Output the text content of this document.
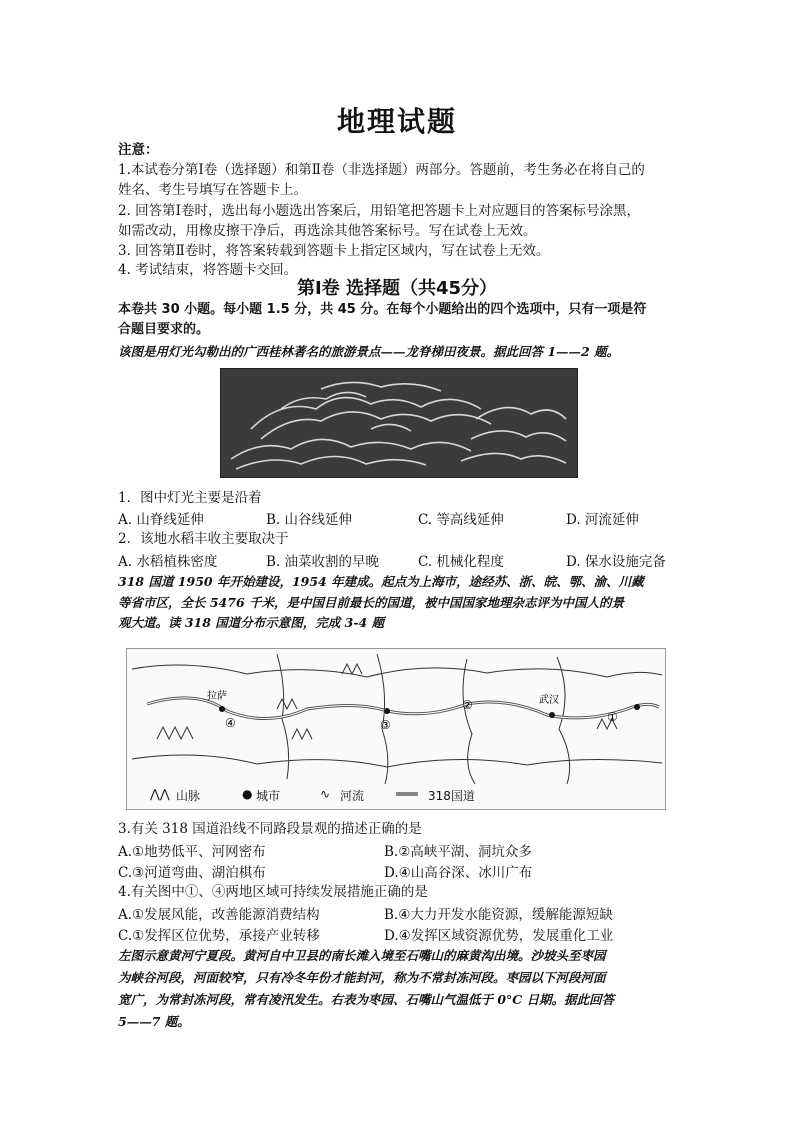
地理试题
注意：
1.本试卷分第Ⅰ卷（选择题）和第Ⅱ卷（非选择题）两部分。答题前，考生务必在将自己的
姓名、考生号填写在答题卡上。
2. 回答第Ⅰ卷时，选出每小题选出答案后，用铅笔把答题卡上对应题目的答案标号涂黑，
如需改动，用橡皮擦干净后，再选涂其他答案标号。写在试卷上无效。
3. 回答第Ⅱ卷时，将答案转载到答题卡上指定区域内，写在试卷上无效。
4. 考试结束，将答题卡交回。
第Ⅰ卷 选择题（共45分）
本卷共 30 小题。每小题 1.5 分，共 45 分。在每个小题给出的四个选项中，只有一项是符
合题目要求的。
该图是用灯光勾勒出的广西桂林著名的旅游景点——龙脊梯田夜景。据此回答 1——2 题。
1．图中灯光主要是沿着
A. 山脊线延伸	B. 山谷线延伸	C. 等高线延伸	D. 河流延伸
2．该地水稻丰收主要取决于
A. 水稻植株密度	B. 油菜收割的早晚	C. 机械化程度	D. 保水设施完备
318 国道 1950 年开始建设，1954 年建成。起点为上海市，途经苏、浙、皖、鄂、渝、川藏
等省市区，全长 5476 千米，是中国目前最长的国道，被中国国家地理杂志评为中国人的景
观大道。读 318 国道分布示意图，完成 3-4 题
拉萨	武汉
①
②
③
④
⋀⋀ 山脉	● 城市	∿ 河流	═══ 318国道
3.有关 318 国道沿线不同路段景观的描述正确的是
A.①地势低平、河网密布	B.②高峡平湖、洞坑众多
C.③河道弯曲、湖泊棋布	D.④山高谷深、冰川广布
4.有关图中①、④两地区域可持续发展措施正确的是
A.①发展风能，改善能源消费结构	B.④大力开发水能资源，缓解能源短缺
C.①发挥区位优势，承接产业转移	D.④发挥区域资源优势，发展重化工业
左图示意黄河宁夏段。黄河自中卫县的南长滩入境至石嘴山的麻黄沟出境。沙坡头至枣园
为峡谷河段，河面较窄，只有冷冬年份才能封河，称为不常封冻河段。枣园以下河段河面
宽广，为常封冻河段，常有凌汛发生。右表为枣园、石嘴山气温低于 0°C 日期。据此回答
5——7 题。
